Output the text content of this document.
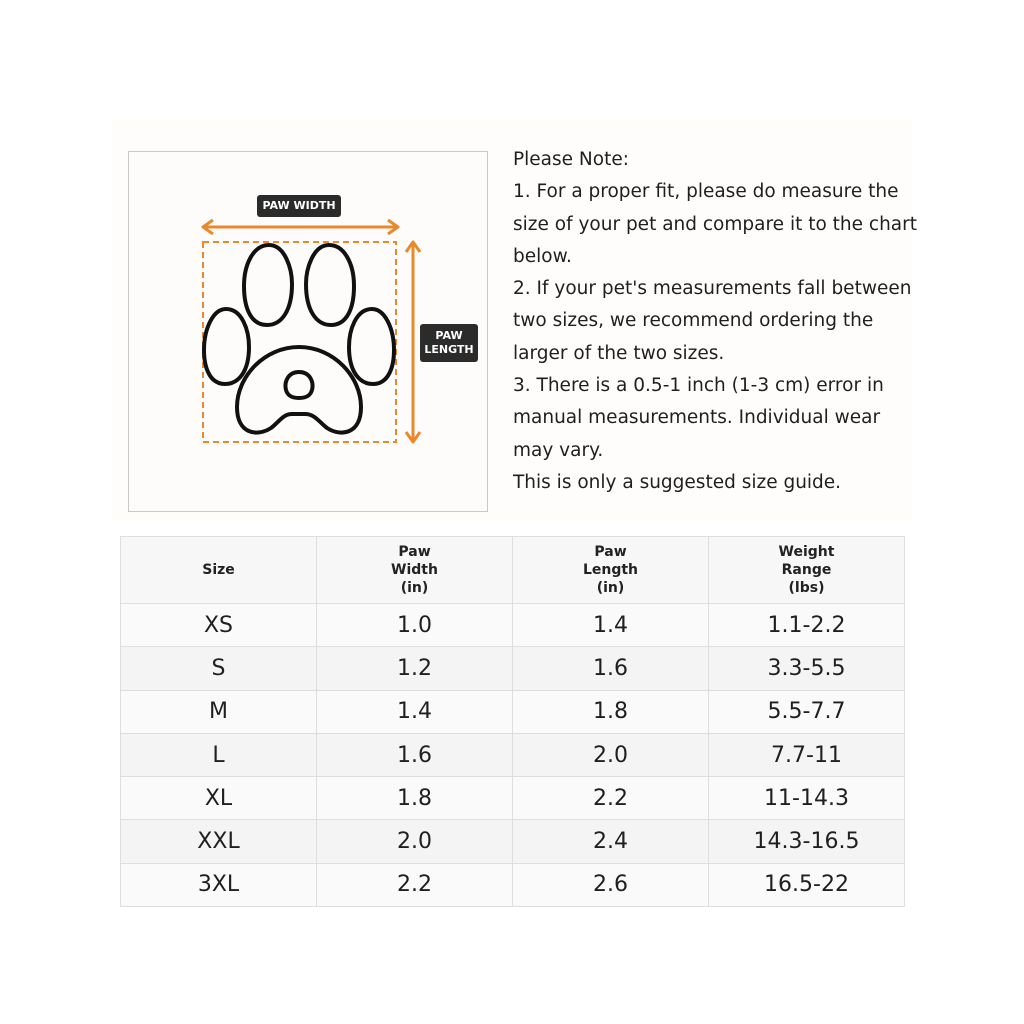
PAW WIDTH
PAW
LENGTH
Please Note:
1. For a proper fit, please do measure the
size of your pet and compare it to the chart
below.
2. If your pet's measurements fall between
two sizes, we recommend ordering the
larger of the two sizes.
3. There is a 0.5-1 inch (1-3 cm) error in
manual measurements. Individual wear
may vary.
This is only a suggested size guide.
Size	Paw
Width
(in)	Paw
Length
(in)	Weight
Range
(lbs)

XS	1.0	1.4	1.1-2.2
S	1.2	1.6	3.3-5.5
M	1.4	1.8	5.5-7.7
L	1.6	2.0	7.7-11
XL	1.8	2.2	11-14.3
XXL	2.0	2.4	14.3-16.5
3XL	2.2	2.6	16.5-22
